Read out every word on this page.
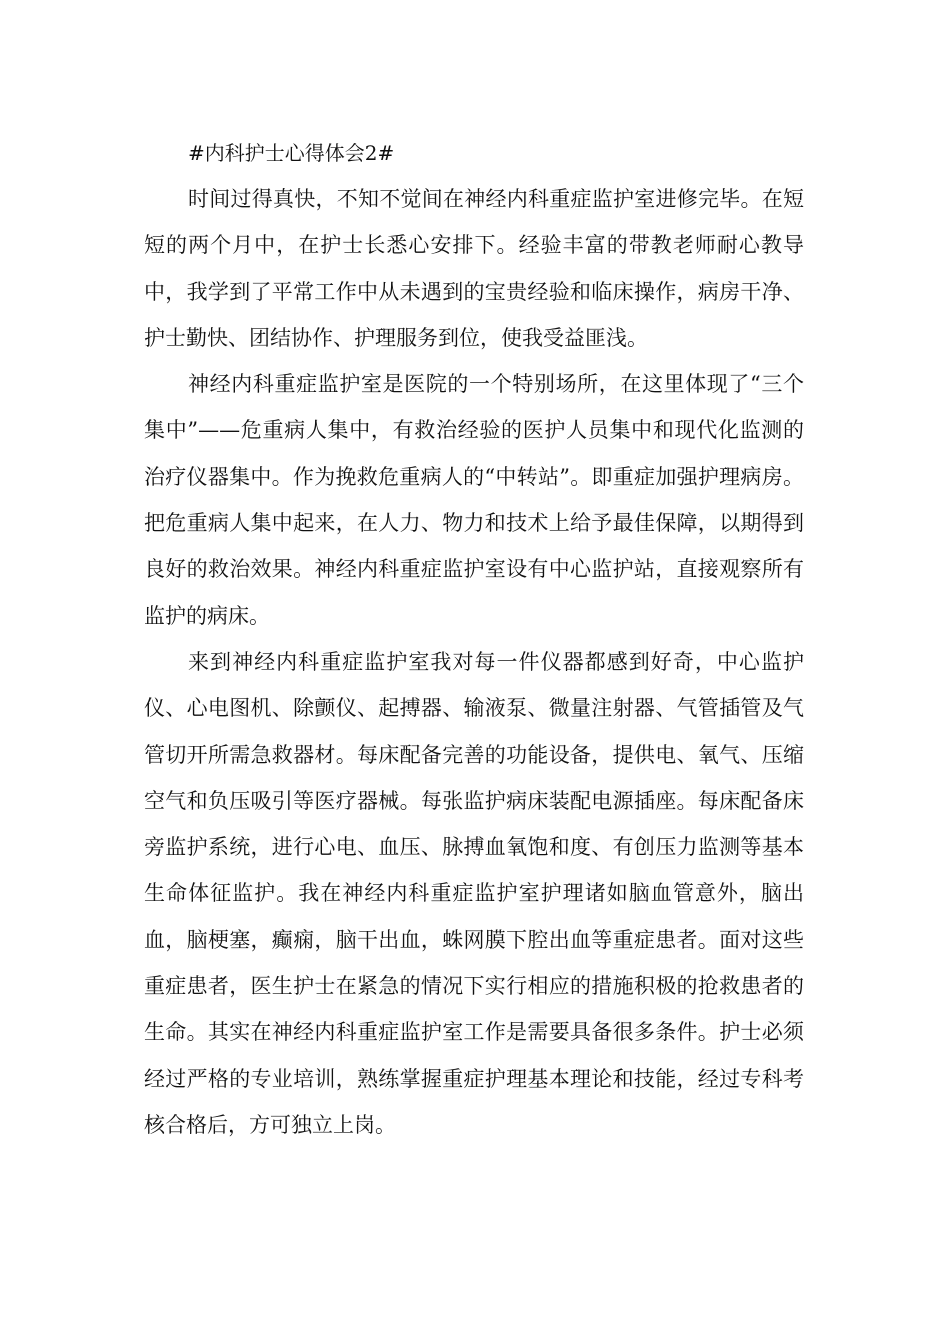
#内科护士心得体会2#

时间过得真快，不知不觉间在神经内科重症监护室进修完毕。在短短的两个月中，在护士长悉心安排下。经验丰富的带教老师耐心教导中，我学到了平常工作中从未遇到的宝贵经验和临床操作，病房干净、护士勤快、团结协作、护理服务到位，使我受益匪浅。

神经内科重症监护室是医院的一个特别场所，在这里体现了“三个集中”——危重病人集中，有救治经验的医护人员集中和现代化监测的治疗仪器集中。作为挽救危重病人的“中转站”。即重症加强护理病房。把危重病人集中起来，在人力、物力和技术上给予最佳保障，以期得到良好的救治效果。神经内科重症监护室设有中心监护站，直接观察所有监护的病床。

来到神经内科重症监护室我对每一件仪器都感到好奇，中心监护仪、心电图机、除颤仪、起搏器、输液泵、微量注射器、气管插管及气管切开所需急救器材。每床配备完善的功能设备，提供电、氧气、压缩空气和负压吸引等医疗器械。每张监护病床装配电源插座。每床配备床旁监护系统，进行心电、血压、脉搏血氧饱和度、有创压力监测等基本生命体征监护。我在神经内科重症监护室护理诸如脑血管意外，脑出血，脑梗塞，癫痫，脑干出血，蛛网膜下腔出血等重症患者。面对这些重症患者，医生护士在紧急的情况下实行相应的措施积极的抢救患者的生命。其实在神经内科重症监护室工作是需要具备很多条件。护士必须经过严格的专业培训，熟练掌握重症护理基本理论和技能，经过专科考核合格后，方可独立上岗。
